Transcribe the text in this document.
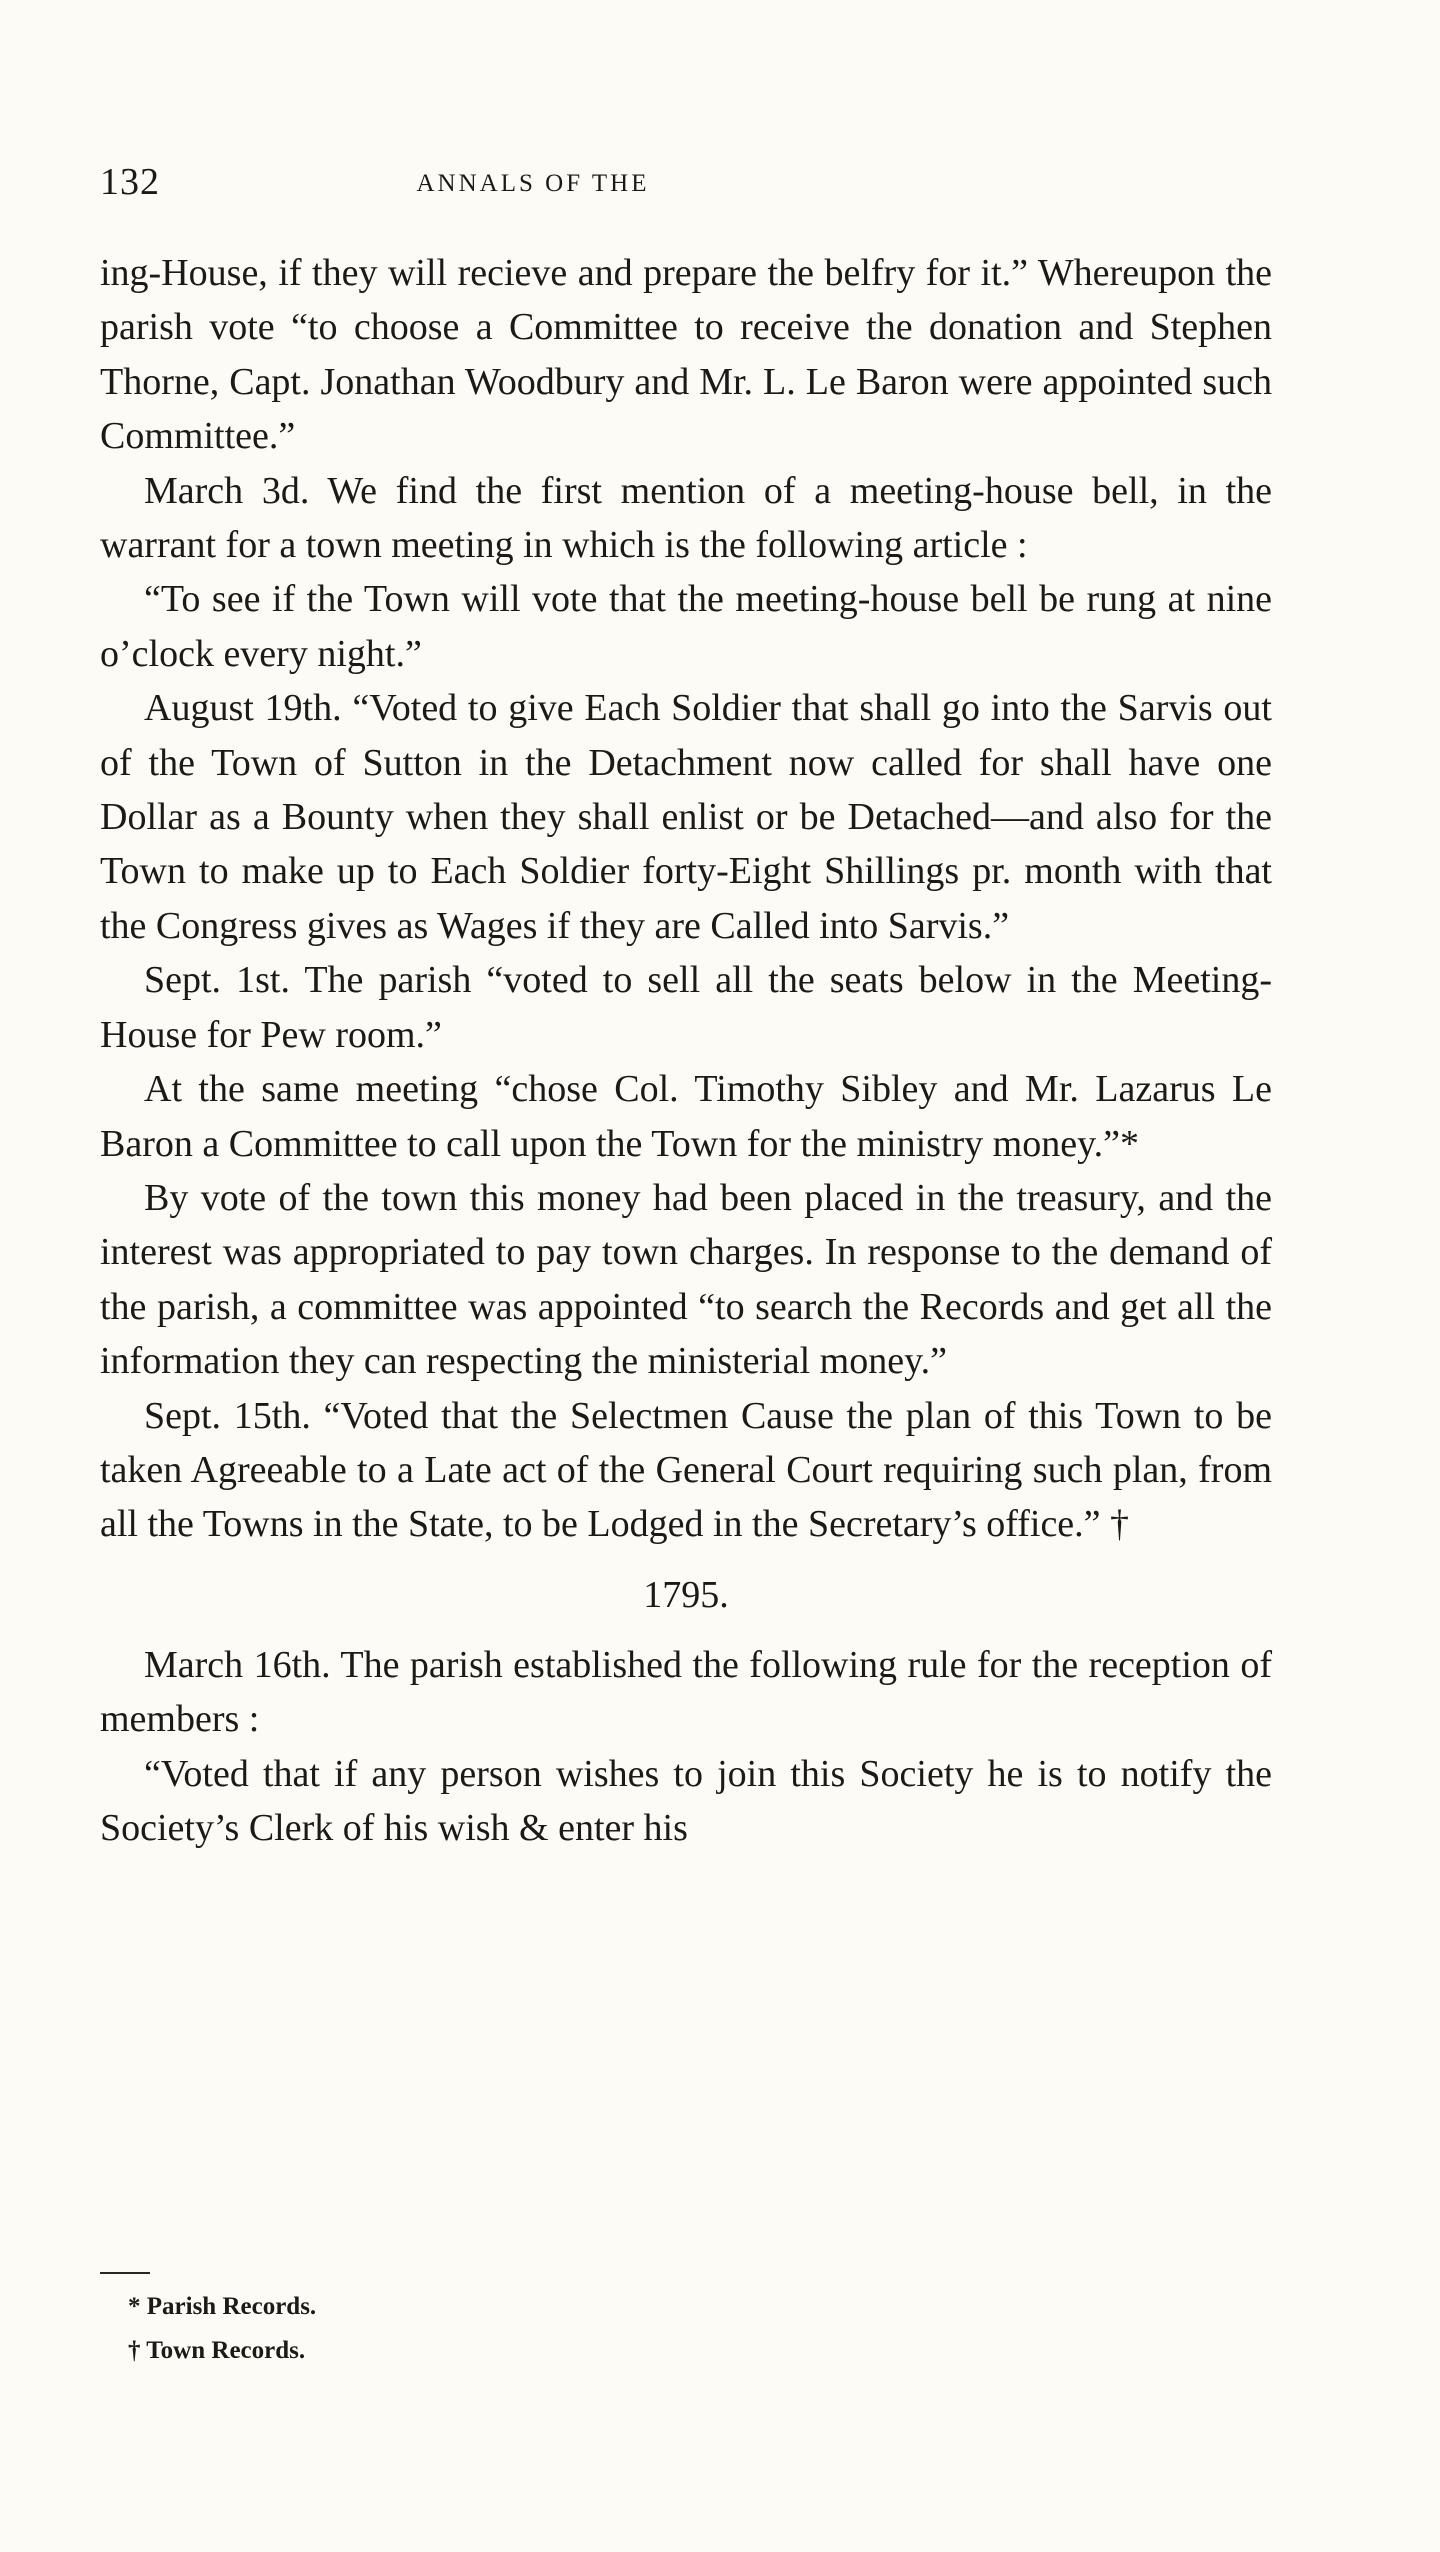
132	ANNALS OF THE

ing-House, if they will recieve and prepare the belfry for it.” Whereupon the parish vote “to choose a Committee to receive the donation and Stephen Thorne, Capt. Jonathan Woodbury and Mr. L. Le Baron were appointed such Committee.”

March 3d. We find the first mention of a meeting-house bell, in the warrant for a town meeting in which is the following article :

“To see if the Town will vote that the meeting-house bell be rung at nine o’clock every night.”

August 19th. “Voted to give Each Soldier that shall go into the Sarvis out of the Town of Sutton in the Detachment now called for shall have one Dollar as a Bounty when they shall enlist or be Detached—and also for the Town to make up to Each Soldier forty-Eight Shillings pr. month with that the Congress gives as Wages if they are Called into Sarvis.”

Sept. 1st. The parish “voted to sell all the seats below in the Meeting-House for Pew room.”

At the same meeting “chose Col. Timothy Sibley and Mr. Lazarus Le Baron a Committee to call upon the Town for the ministry money.”*

By vote of the town this money had been placed in the treasury, and the interest was appropriated to pay town charges. In response to the demand of the parish, a committee was appointed “to search the Records and get all the information they can respecting the ministerial money.”

Sept. 15th. “Voted that the Selectmen Cause the plan of this Town to be taken Agreeable to a Late act of the General Court requiring such plan, from all the Towns in the State, to be Lodged in the Secretary’s office.” †

1795.

March 16th. The parish established the following rule for the reception of members :

“Voted that if any person wishes to join this Society he is to notify the Society’s Clerk of his wish & enter his

* Parish Records.
† Town Records.
